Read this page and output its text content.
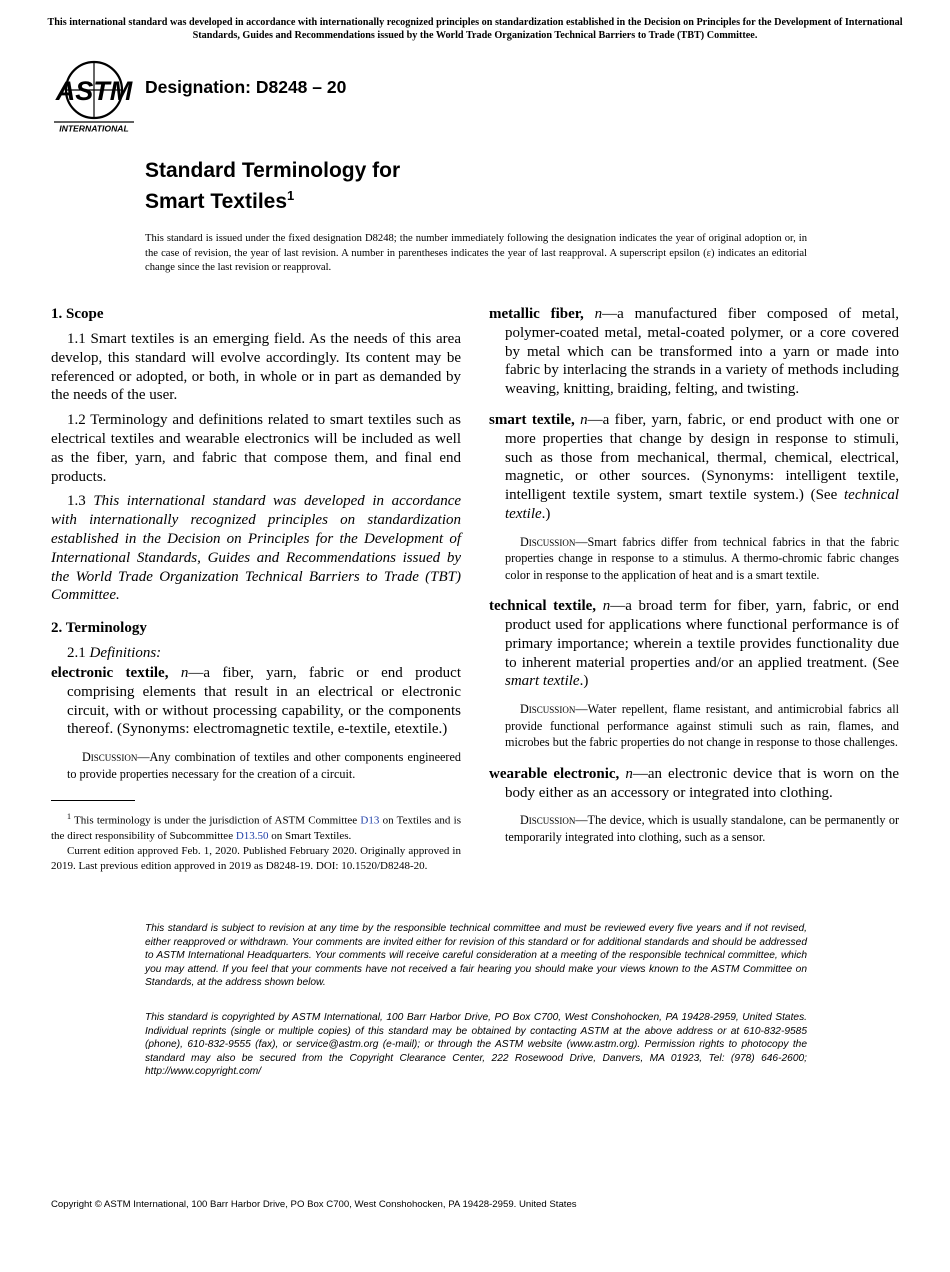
This international standard was developed in accordance with internationally recognized principles on standardization established in the Decision on Principles for the Development of International Standards, Guides and Recommendations issued by the World Trade Organization Technical Barriers to Trade (TBT) Committee.
ASTM
INTERNATIONAL
Designation: D8248 – 20
Standard Terminology for
Smart Textiles$^1$
This standard is issued under the fixed designation D8248; the number immediately following the designation indicates the year of original adoption or, in the case of revision, the year of last revision. A number in parentheses indicates the year of last reapproval. A superscript epsilon (ε) indicates an editorial change since the last revision or reapproval.
1. Scope

1.1 Smart textiles is an emerging field. As the needs of this area develop, this standard will evolve accordingly. Its content may be referenced or adopted, or both, in whole or in part as demanded by the needs of the user.

1.2 Terminology and definitions related to smart textiles such as electrical textiles and wearable electronics will be included as well as the fiber, yarn, and fabric that compose them, and final end products.

1.3 This international standard was developed in accordance with internationally recognized principles on standardization established in the Decision on Principles for the Development of International Standards, Guides and Recommendations issued by the World Trade Organization Technical Barriers to Trade (TBT) Committee.

2. Terminology

2.1 Definitions:

electronic textile, n—a fiber, yarn, fabric or end product comprising elements that result in an electrical or electronic circuit, with or without processing capability, or the components thereof. (Synonyms: electromagnetic textile, e-textile, etextile.)

Discussion—Any combination of textiles and other components engineered to provide properties necessary for the creation of a circuit.

$^1$ This terminology is under the jurisdiction of ASTM Committee D13 on Textiles and is the direct responsibility of Subcommittee D13.50 on Smart Textiles.

Current edition approved Feb. 1, 2020. Published February 2020. Originally approved in 2019. Last previous edition approved in 2019 as D8248-19. DOI: 10.1520/D8248-20.

metallic fiber, n—a manufactured fiber composed of metal, polymer-coated metal, metal-coated polymer, or a core covered by metal which can be transformed into a yarn or made into fabric by interlacing the strands in a variety of methods including weaving, knitting, braiding, felting, and twisting.

smart textile, n—a fiber, yarn, fabric, or end product with one or more properties that change by design in response to stimuli, such as those from mechanical, thermal, chemical, electrical, magnetic, or other sources. (Synonyms: intelligent textile, intelligent textile system, smart textile system.) (See technical textile.)

Discussion—Smart fabrics differ from technical fabrics in that the fabric properties change in response to a stimulus. A thermo-chromic fabric changes color in response to the application of heat and is a smart textile.

technical textile, n—a broad term for fiber, yarn, fabric, or end product used for applications where functional performance is of primary importance; wherein a textile provides functionality due to inherent material properties and/or an applied treatment. (See smart textile.)

Discussion—Water repellent, flame resistant, and antimicrobial fabrics all provide functional performance against stimuli such as rain, flames, and microbes but the fabric properties do not change in response to those challenges.

wearable electronic, n—an electronic device that is worn on the body either as an accessory or integrated into clothing.

Discussion—The device, which is usually standalone, can be permanently or temporarily integrated into clothing, such as a sensor.

This standard is subject to revision at any time by the responsible technical committee and must be reviewed every five years and if not revised, either reapproved or withdrawn. Your comments are invited either for revision of this standard or for additional standards and should be addressed to ASTM International Headquarters. Your comments will receive careful consideration at a meeting of the responsible technical committee, which you may attend. If you feel that your comments have not received a fair hearing you should make your views known to the ASTM Committee on Standards, at the address shown below.
This standard is copyrighted by ASTM International, 100 Barr Harbor Drive, PO Box C700, West Conshohocken, PA 19428-2959, United States. Individual reprints (single or multiple copies) of this standard may be obtained by contacting ASTM at the above address or at 610-832-9585 (phone), 610-832-9555 (fax), or service@astm.org (e-mail); or through the ASTM website (www.astm.org). Permission rights to photocopy the standard may also be secured from the Copyright Clearance Center, 222 Rosewood Drive, Danvers, MA 01923, Tel: (978) 646-2600; http://www.copyright.com/
Copyright © ASTM International, 100 Barr Harbor Drive, PO Box C700, West Conshohocken, PA 19428-2959. United States
